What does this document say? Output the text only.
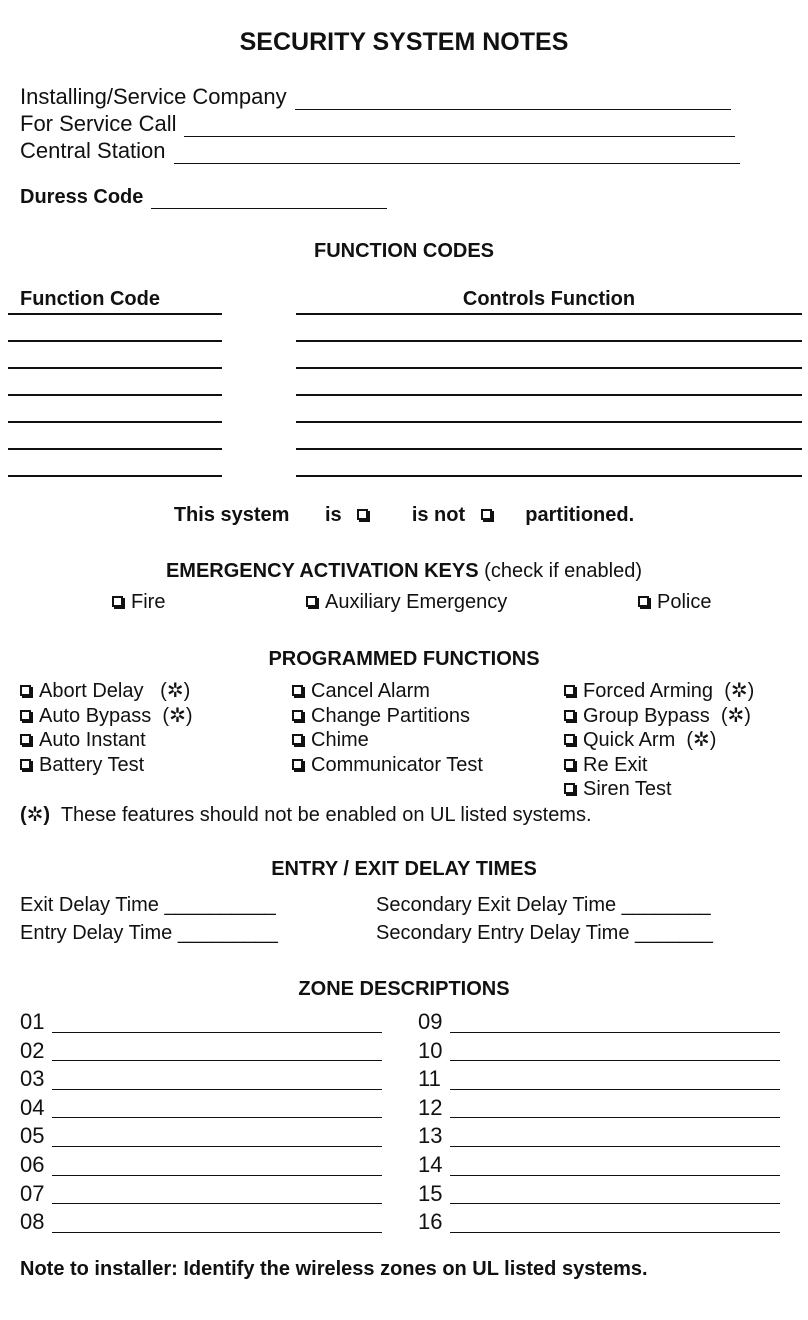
SECURITY SYSTEM NOTES
Installing/Service Company
For Service Call
Central Station
Duress Code
FUNCTION CODES
Function Code	Controls Function
This system is	is not	partitioned.
EMERGENCY ACTIVATION KEYS (check if enabled)
Fire	Auxiliary Emergency	Police
PROGRAMMED FUNCTIONS
Abort Delay (✲)
Auto Bypass (✲)
Auto Instant
Battery Test
Cancel Alarm
Change Partitions
Chime
Communicator Test
Forced Arming (✲)
Group Bypass (✲)
Quick Arm (✲)
Re Exit
Siren Test
(✲) These features should not be enabled on UL listed systems.
ENTRY / EXIT DELAY TIMES
Exit Delay Time __________
Entry Delay Time _________
Secondary Exit Delay Time ________
Secondary Entry Delay Time _______
ZONE DESCRIPTIONS
01
02
03
04
05
06
07
08
09
10
11
12
13
14
15
16
Note to installer: Identify the wireless zones on UL listed systems.
